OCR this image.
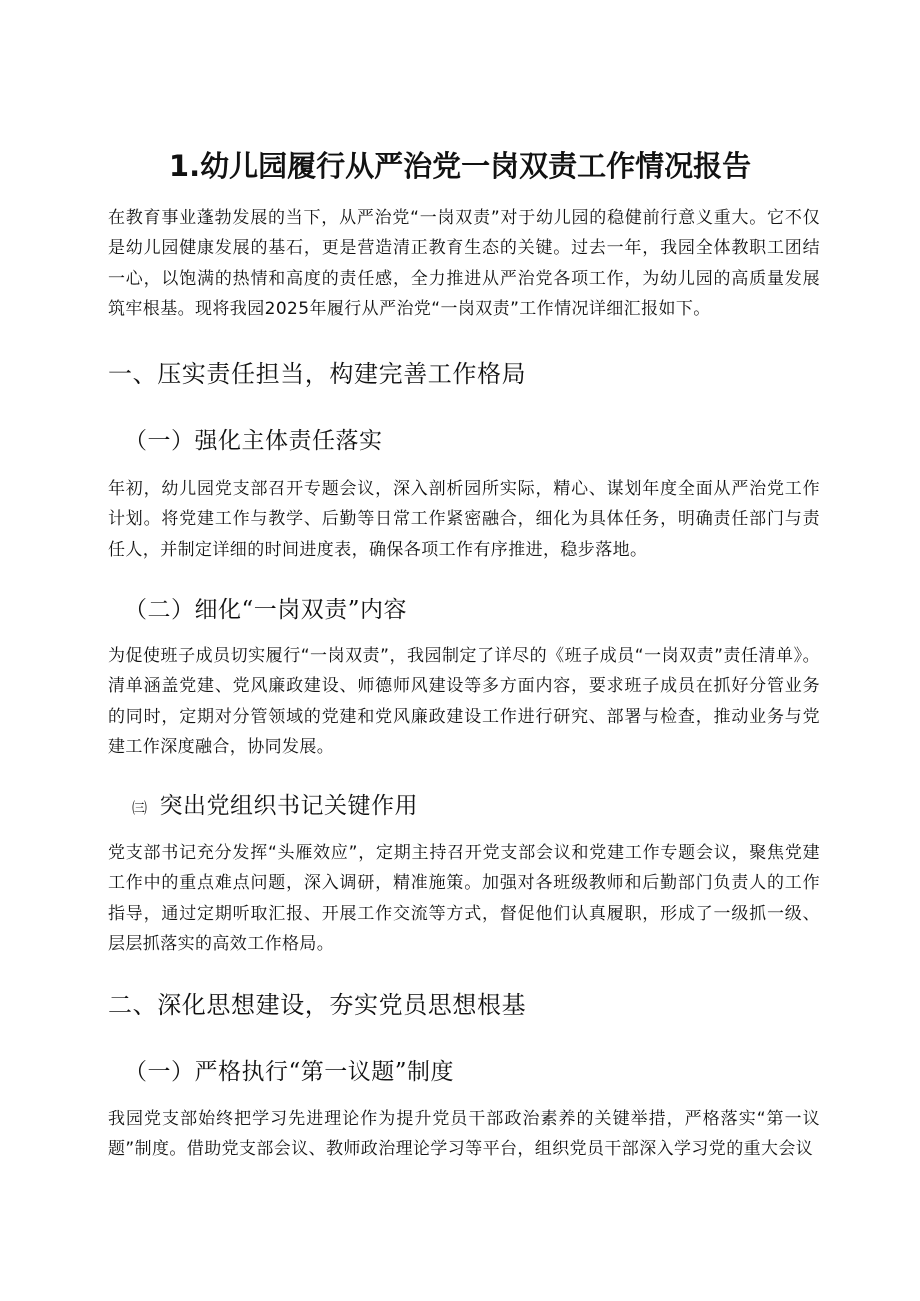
1.幼儿园履行从严治党一岗双责工作情况报告
在教育事业蓬勃发展的当下，从严治党“一岗双责”对于幼儿园的稳健前行意义重大。它不仅是幼儿园健康发展的基石，更是营造清正教育生态的关键。过去一年，我园全体教职工团结一心，以饱满的热情和高度的责任感，全力推进从严治党各项工作，为幼儿园的高质量发展筑牢根基。现将我园2025年履行从严治党“一岗双责”工作情况详细汇报如下。
一、压实责任担当，构建完善工作格局
（一）强化主体责任落实
年初，幼儿园党支部召开专题会议，深入剖析园所实际，精心、谋划年度全面从严治党工作计划。将党建工作与教学、后勤等日常工作紧密融合，细化为具体任务，明确责任部门与责任人，并制定详细的时间进度表，确保各项工作有序推进，稳步落地。
（二）细化“一岗双责”内容
为促使班子成员切实履行“一岗双责”，我园制定了详尽的《班子成员“一岗双责”责任清单》。清单涵盖党建、党风廉政建设、师德师风建设等多方面内容，要求班子成员在抓好分管业务的同时，定期对分管领域的党建和党风廉政建设工作进行研究、部署与检查，推动业务与党建工作深度融合，协同发展。
㈢ 突出党组织书记关键作用
党支部书记充分发挥“头雁效应”，定期主持召开党支部会议和党建工作专题会议，聚焦党建工作中的重点难点问题，深入调研，精准施策。加强对各班级教师和后勤部门负责人的工作指导，通过定期听取汇报、开展工作交流等方式，督促他们认真履职，形成了一级抓一级、层层抓落实的高效工作格局。
二、深化思想建设，夯实党员思想根基
（一）严格执行“第一议题”制度
我园党支部始终把学习先进理论作为提升党员干部政治素养的关键举措，严格落实“第一议题”制度。借助党支部会议、教师政治理论学习等平台，组织党员干部深入学习党的重大会议
